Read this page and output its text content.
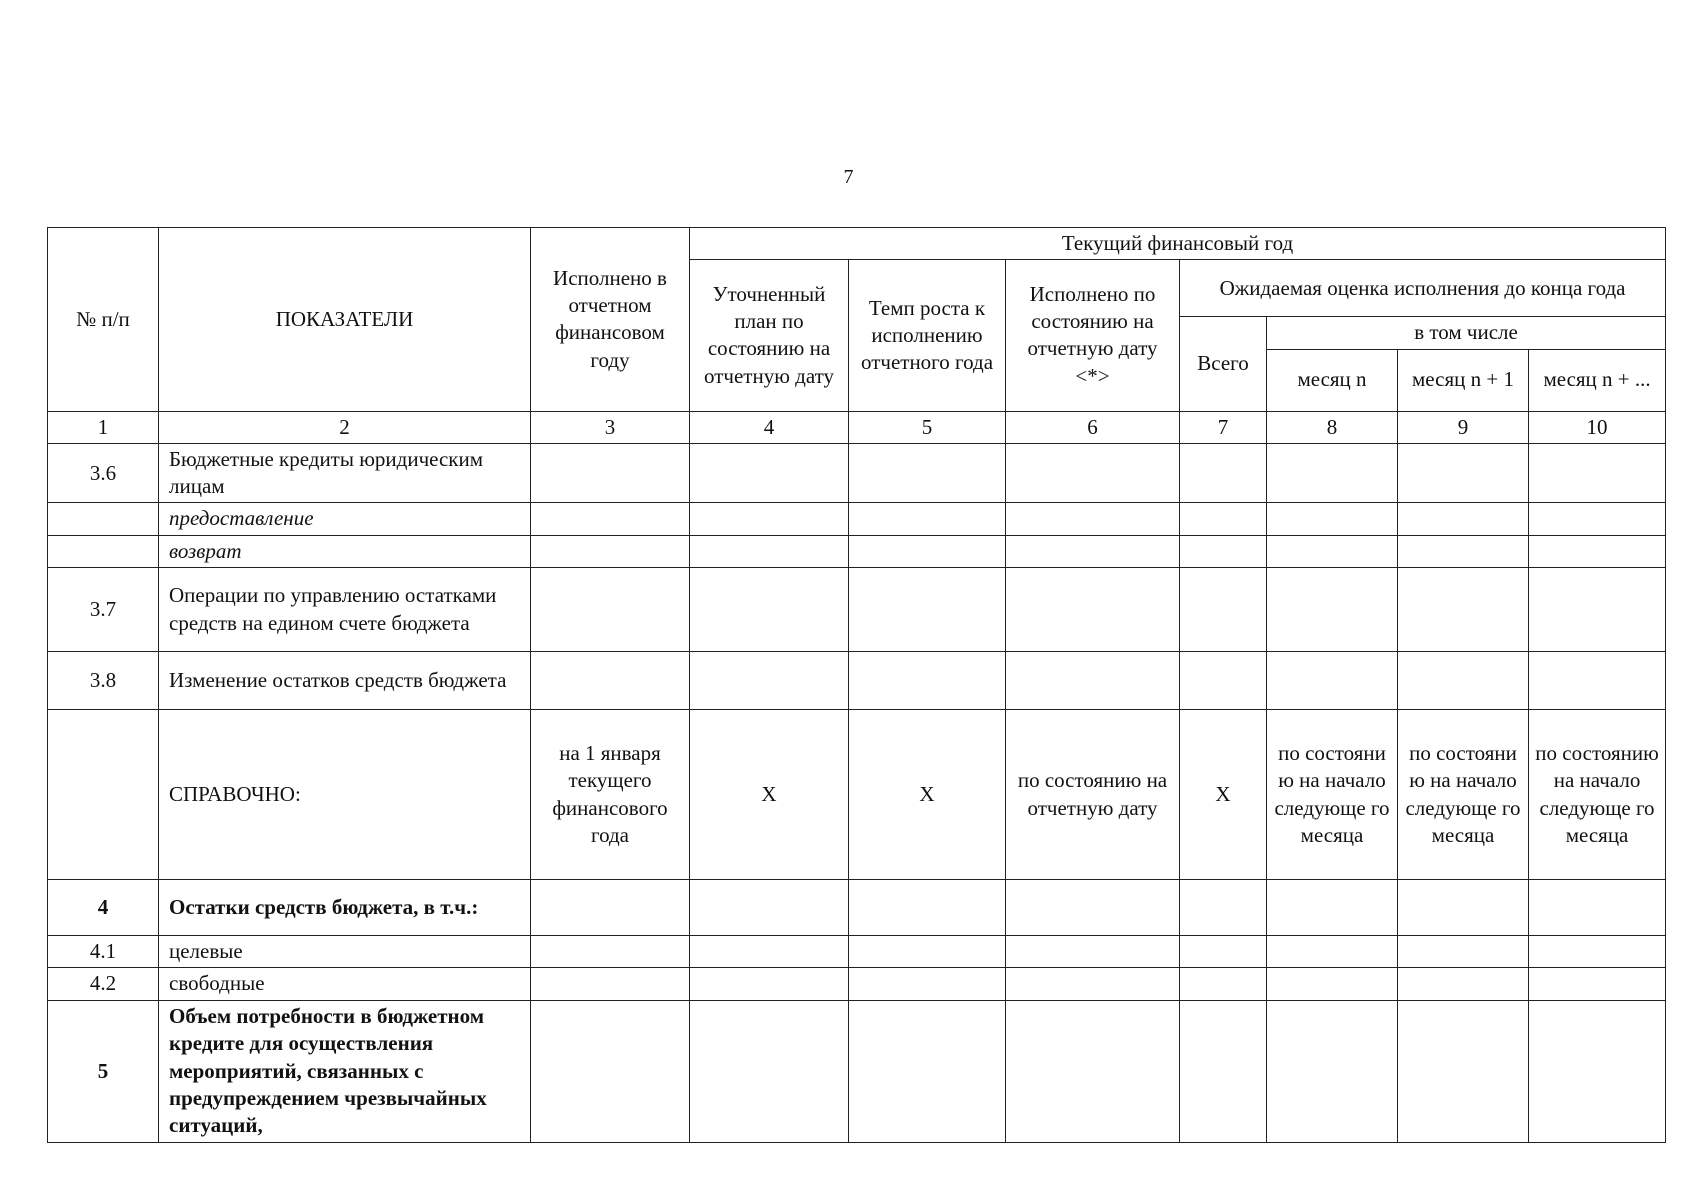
7
№ п/п	ПОКАЗАТЕЛИ	Исполнено в отчетном финансовом году	Текущий финансовый год						
			Уточненный план по состоянию на отчетную дату	Темп роста к исполнению отчетного года	Исполнено по состоянию на отчетную дату <*>	Ожидаемая оценка исполнения до конца года			
						Всего	в том числе		
							месяц n	месяц n + 1	месяц n + ...
1	2	3	4	5	6	7	8	9	10
3.6	Бюджетные кредиты юридическим лицам								
	предоставление								
	возврат								
3.7	Операции по управлению остатками средств на едином счете бюджета								
3.8	Изменение остатков средств бюджета								
	СПРАВОЧНО:	на 1 января текущего финансового года	X	X	по состоянию на отчетную дату	X	по состояни ю на начало следующе го месяца	по состояни ю на начало следующе го месяца	по состоянию на начало следующе го месяца
4	Остатки средств бюджета, в т.ч.:								
4.1	целевые								
4.2	свободные								
5	Объем потребности в бюджетном кредите для осуществления мероприятий, связанных с предупреждением чрезвычайных ситуаций,								
